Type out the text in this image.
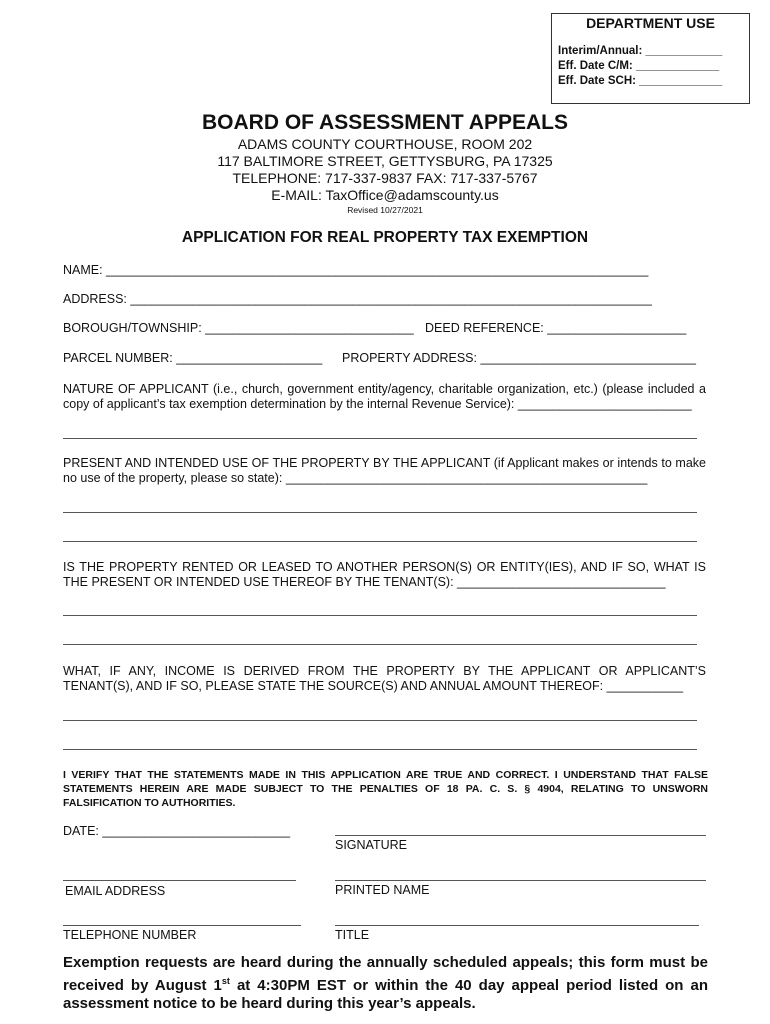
DEPARTMENT USE
Interim/Annual: ____________
Eff. Date C/M: _____________
Eff. Date SCH: _____________
BOARD OF ASSESSMENT APPEALS
ADAMS COUNTY COURTHOUSE, ROOM 202
117 BALTIMORE STREET, GETTYSBURG, PA 17325
TELEPHONE: 717-337-9837 FAX: 717-337-5767
E-MAIL: TaxOffice@adamscounty.us
Revised 10/27/2021
APPLICATION FOR REAL PROPERTY TAX EXEMPTION
NAME: ______________________________________________________________________________
ADDRESS: ___________________________________________________________________________
BOROUGH/TOWNSHIP: ______________________________ DEED REFERENCE: ____________________
PARCEL NUMBER: _____________________ PROPERTY ADDRESS: _______________________________
NATURE OF APPLICANT (i.e., church, government entity/agency, charitable organization, etc.) (please included a copy of applicant’s tax exemption determination by the internal Revenue Service): _________________________
PRESENT AND INTENDED USE OF THE PROPERTY BY THE APPLICANT (if Applicant makes or intends to make no use of the property, please so state): ____________________________________________________
IS THE PROPERTY RENTED OR LEASED TO ANOTHER PERSON(S) OR ENTITY(IES), AND IF SO, WHAT IS THE PRESENT OR INTENDED USE THEREOF BY THE TENANT(S): ______________________________
WHAT, IF ANY, INCOME IS DERIVED FROM THE PROPERTY BY THE APPLICANT OR APPLICANT’S TENANT(S), AND IF SO, PLEASE STATE THE SOURCE(S) AND ANNUAL AMOUNT THEREOF: ___________
I VERIFY THAT THE STATEMENTS MADE IN THIS APPLICATION ARE TRUE AND CORRECT. I UNDERSTAND THAT FALSE STATEMENTS HEREIN ARE MADE SUBJECT TO THE PENALTIES OF 18 PA. C. S. § 4904, RELATING TO UNSWORN FALSIFICATION TO AUTHORITIES.
DATE: ___________________________
SIGNATURE
EMAIL ADDRESS	PRINTED NAME
TELEPHONE NUMBER	TITLE
Exemption requests are heard during the annually scheduled appeals; this form must be received by August 1st at 4:30PM EST or within the 40 day appeal period listed on an assessment notice to be heard during this year’s appeals.
